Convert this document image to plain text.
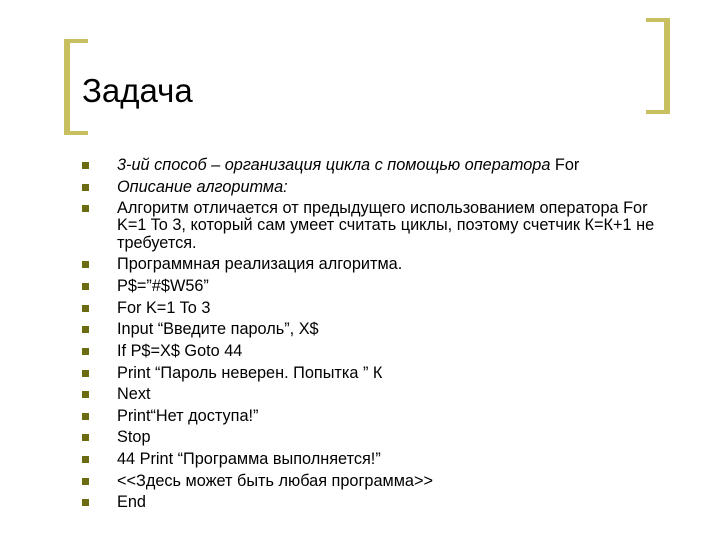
Задача
3-ий способ – организация цикла с помощью оператора For
Описание алгоритма:
Алгоритм отличается от предыдущего использованием оператора For K=1 To 3, который сам умеет считать циклы, поэтому счетчик К=К+1 не требуется.
Программная реализация алгоритма.
P$=”#$W56”
For K=1 To 3
Input “Введите пароль”, X$
If P$=X$ Goto 44
Print “Пароль неверен. Попытка ” К
Next
Print“Нет доступа!”
Stop
44 Print “Программа выполняется!”
<<Здесь может быть любая программа>>
End
